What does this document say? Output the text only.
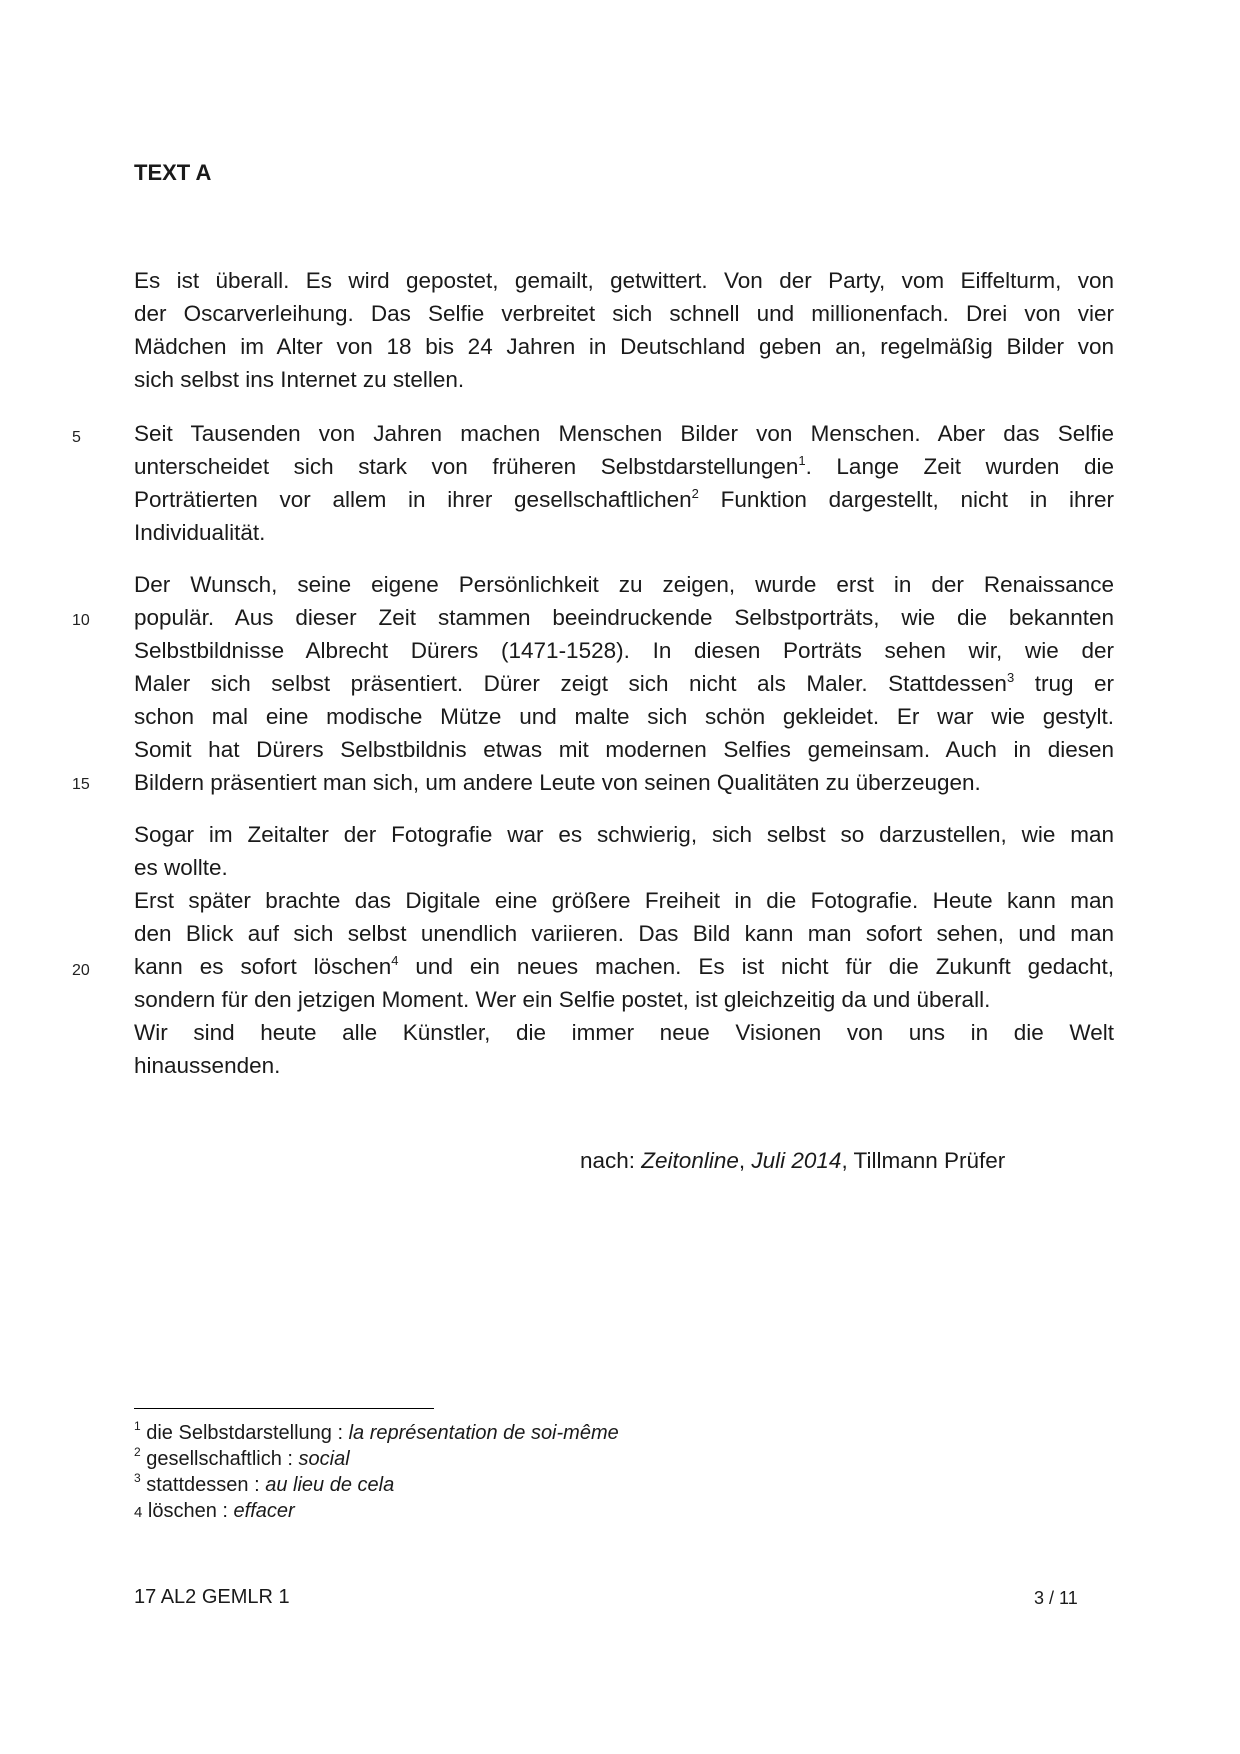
TEXT A
5
10
15
20
Es ist überall. Es wird gepostet, gemailt, getwittert. Von der Party, vom Eiffelturm, von
der Oscarverleihung. Das Selfie verbreitet sich schnell und millionenfach. Drei von vier
Mädchen im Alter von 18 bis 24 Jahren in Deutschland geben an, regelmäßig Bilder von
sich selbst ins Internet zu stellen.
Seit Tausenden von Jahren machen Menschen Bilder von Menschen. Aber das Selfie
unterscheidet sich stark von früheren Selbstdarstellungen$^1$. Lange Zeit wurden die
Porträtierten vor allem in ihrer gesellschaftlichen$^2$ Funktion dargestellt, nicht in ihrer
Individualität.
Der Wunsch, seine eigene Persönlichkeit zu zeigen, wurde erst in der Renaissance
populär. Aus dieser Zeit stammen beeindruckende Selbstporträts, wie die bekannten
Selbstbildnisse Albrecht Dürers (1471-1528). In diesen Porträts sehen wir, wie der
Maler sich selbst präsentiert. Dürer zeigt sich nicht als Maler. Stattdessen$^3$ trug er
schon mal eine modische Mütze und malte sich schön gekleidet. Er war wie gestylt.
Somit hat Dürers Selbstbildnis etwas mit modernen Selfies gemeinsam. Auch in diesen
Bildern präsentiert man sich, um andere Leute von seinen Qualitäten zu überzeugen.
Sogar im Zeitalter der Fotografie war es schwierig, sich selbst so darzustellen, wie man
es wollte.
Erst später brachte das Digitale eine größere Freiheit in die Fotografie. Heute kann man
den Blick auf sich selbst unendlich variieren. Das Bild kann man sofort sehen, und man
kann es sofort löschen$^4$ und ein neues machen. Es ist nicht für die Zukunft gedacht,
sondern für den jetzigen Moment. Wer ein Selfie postet, ist gleichzeitig da und überall.
Wir sind heute alle Künstler, die immer neue Visionen von uns in die Welt
hinaussenden.
nach: Zeitonline, Juli 2014, Tillmann Prüfer
$^1$ die Selbstdarstellung : la représentation de soi-même
$^2$ gesellschaftlich : social
$^3$ stattdessen : au lieu de cela
4 löschen : effacer
17 AL2 GEMLR 1	3 / 11
